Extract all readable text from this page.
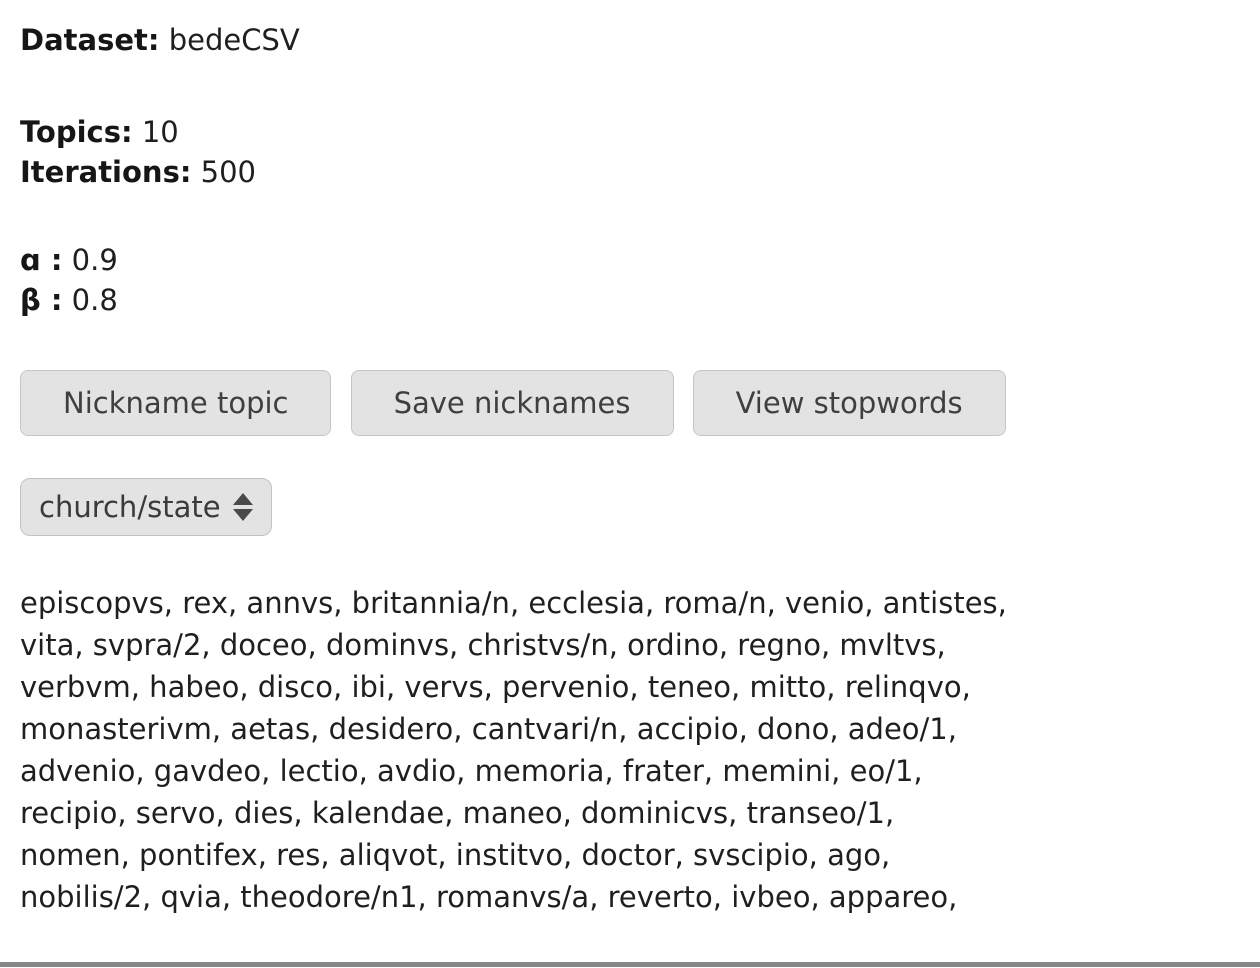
Dataset: bedeCSV
Topics: 10
Iterations: 500
ɑ : 0.9
β : 0.8
Nickname topic	Save nicknames	View stopwords
church/state
episcopvs, rex, annvs, britannia/n, ecclesia, roma/n, venio, antistes,
vita, svpra/2, doceo, dominvs, christvs/n, ordino, regno, mvltvs,
verbvm, habeo, disco, ibi, vervs, pervenio, teneo, mitto, relinqvo,
monasterivm, aetas, desidero, cantvari/n, accipio, dono, adeo/1,
advenio, gavdeo, lectio, avdio, memoria, frater, memini, eo/1,
recipio, servo, dies, kalendae, maneo, dominicvs, transeo/1,
nomen, pontifex, res, aliqvot, institvo, doctor, svscipio, ago,
nobilis/2, qvia, theodore/n1, romanvs/a, reverto, ivbeo, appareo,
